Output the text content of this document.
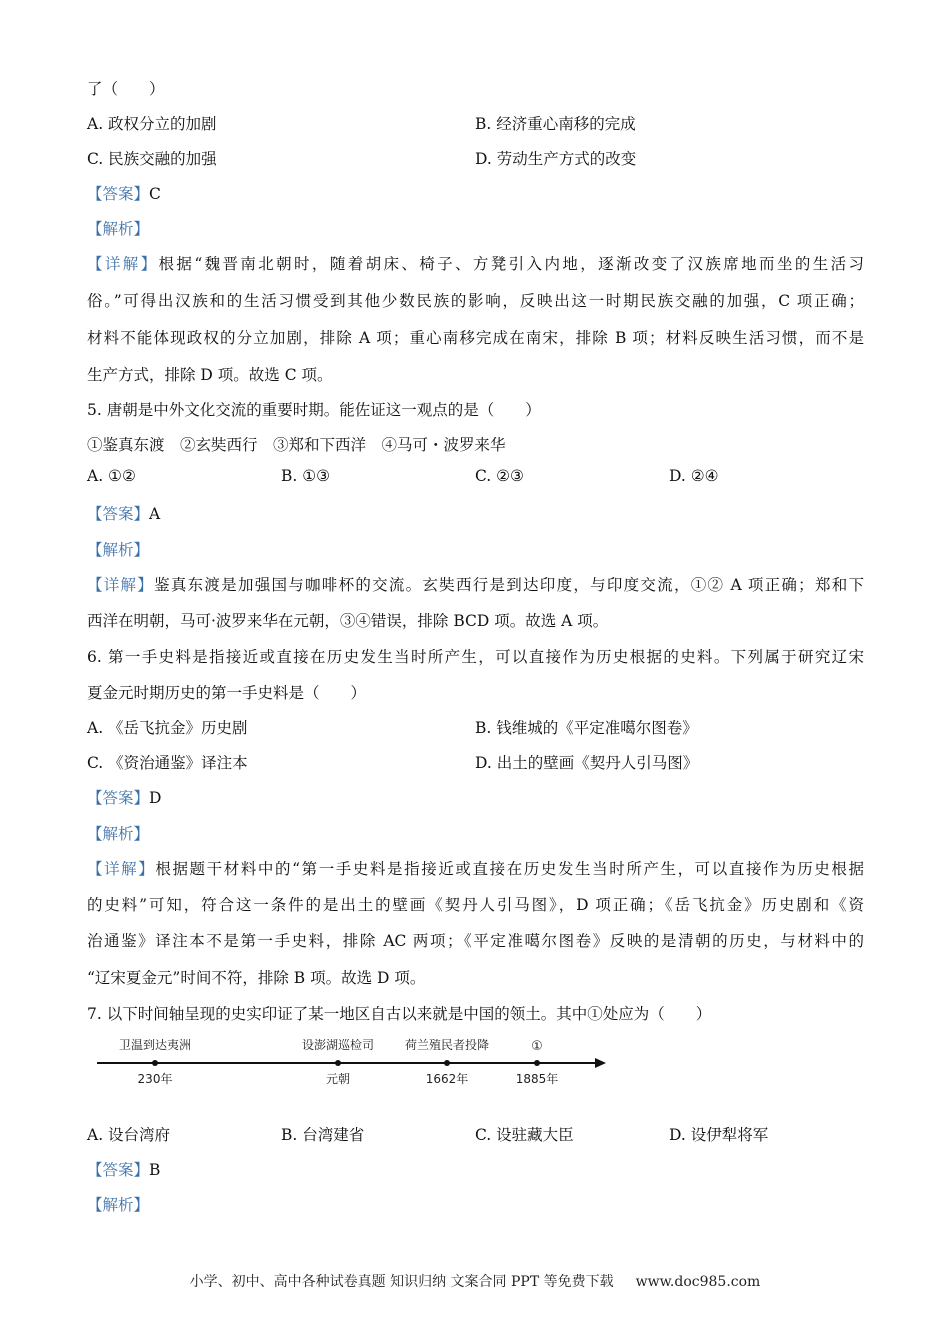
了（　　）
A. 政权分立的加剧	B. 经济重心南移的完成
C. 民族交融的加强	D. 劳动生产方式的改变
【答案】C
【解析】
【详解】根据“魏晋南北朝时，随着胡床、椅子、方凳引入内地，逐渐改变了汉族席地而坐的生活习
俗。”可得出汉族和的生活习惯受到其他少数民族的影响，反映出这一时期民族交融的加强，C 项正确；
材料不能体现政权的分立加剧，排除 A 项；重心南移完成在南宋，排除 B 项；材料反映生活习惯，而不是
生产方式，排除 D 项。故选 C 项。
5. 唐朝是中外文化交流的重要时期。能佐证这一观点的是（　　）
①鉴真东渡　②玄奘西行　③郑和下西洋　④马可・波罗来华
A. ①②	B. ①③	C. ②③	D. ②④
【答案】A
【解析】
【详解】鉴真东渡是加强国与咖啡杯的交流。玄奘西行是到达印度，与印度交流，①② A 项正确；郑和下
西洋在明朝，马可·波罗来华在元朝，③④错误，排除 BCD 项。故选 A 项。
6. 第一手史料是指接近或直接在历史发生当时所产生，可以直接作为历史根据的史料。下列属于研究辽宋
夏金元时期历史的第一手史料是（　　）
A. 《岳飞抗金》历史剧	B. 钱维城的《平定准噶尔图卷》
C. 《资治通鉴》译注本	D. 出土的壁画《契丹人引马图》
【答案】D
【解析】
【详解】根据题干材料中的“第一手史料是指接近或直接在历史发生当时所产生，可以直接作为历史根据
的史料”可知，符合这一条件的是出土的壁画《契丹人引马图》，D 项正确；《岳飞抗金》历史剧和《资
治通鉴》译注本不是第一手史料，排除 AC 两项；《平定准噶尔图卷》反映的是清朝的历史，与材料中的
“辽宋夏金元”时间不符，排除 B 项。故选 D 项。
7. 以下时间轴呈现的史实印证了某一地区自古以来就是中国的领土。其中①处应为（　　）
卫温到达夷洲	设澎湖巡检司	荷兰殖民者投降	①
230年	元朝	1662年	1885年
A. 设台湾府	B. 台湾建省	C. 设驻藏大臣	D. 设伊犁将军
【答案】B
【解析】
小学、初中、高中各种试卷真题 知识归纳 文案合同 PPT 等免费下载 www.doc985.com
